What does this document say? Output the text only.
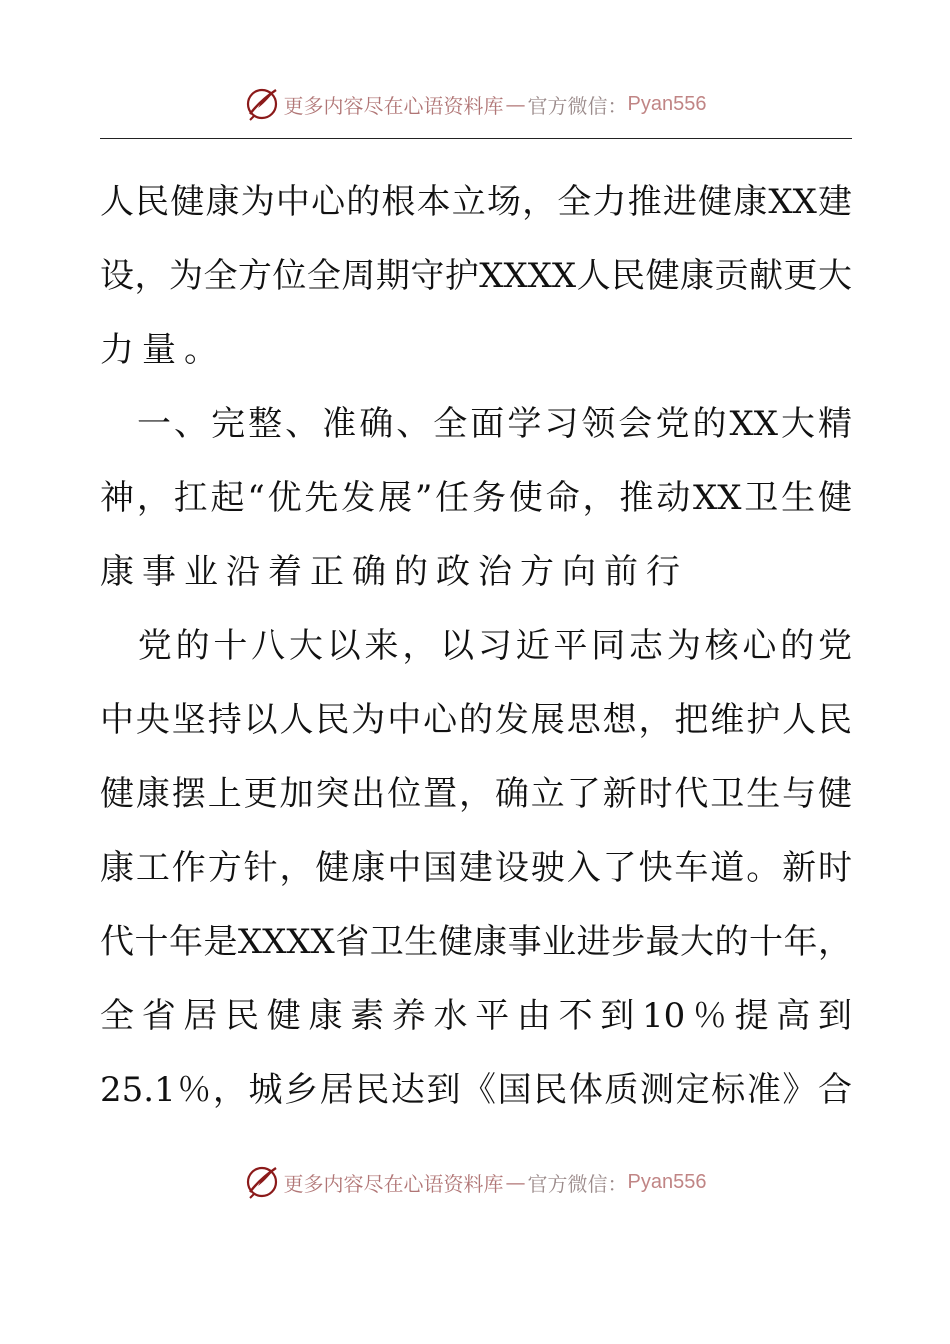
更多内容尽在心语资料库 — 官方微信： Pyan556
人民健康为中心的根本立场，全力推进健康XX建
设，为全方位全周期守护XXXX人民健康贡献更大
力量。
　一、完整、准确、全面学习领会党的XX大精
神，扛起“优先发展”任务使命，推动XX卫生健
康事业沿着正确的政治方向前行
　党的十八大以来，以习近平同志为核心的党
中央坚持以人民为中心的发展思想，把维护人民
健康摆上更加突出位置，确立了新时代卫生与健
康工作方针，健康中国建设驶入了快车道。新时
代十年是XXXX省卫生健康事业进步最大的十年，
全省居民健康素养水平由不到10％提高到
25.1％，城乡居民达到《国民体质测定标准》合
更多内容尽在心语资料库 — 官方微信： Pyan556
